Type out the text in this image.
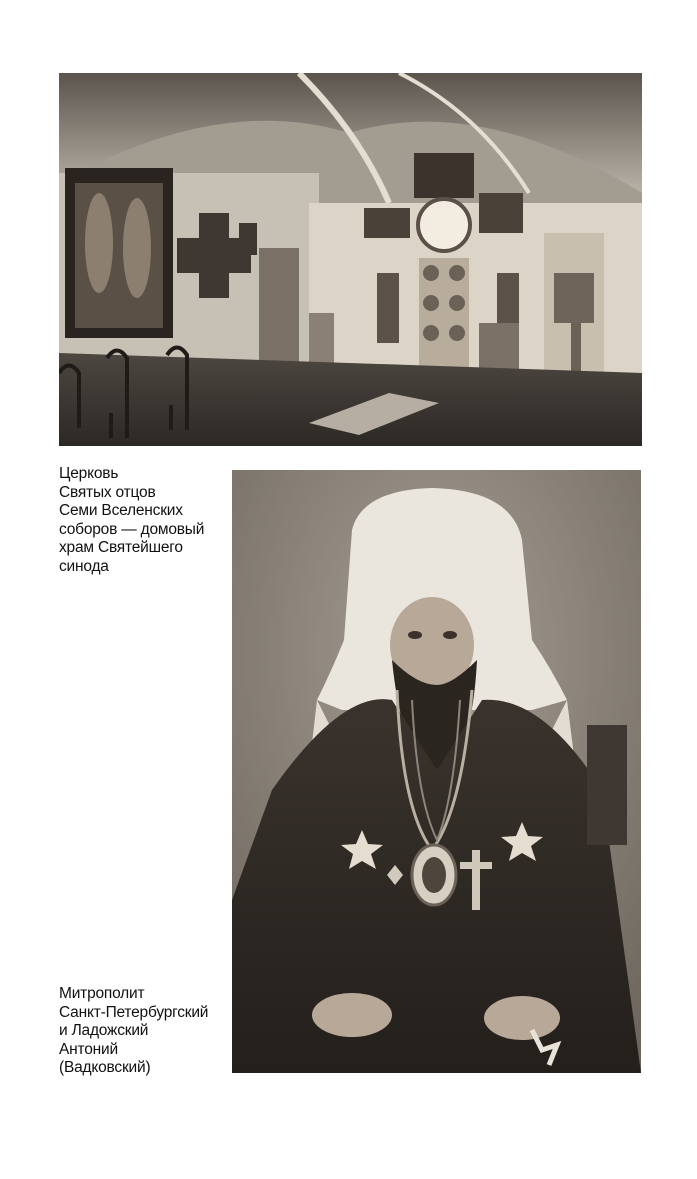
Церковь
Святых отцов
Семи Вселенских
соборов — домовый
храм Святейшего
синода
Митрополит
Санкт-Петербургский
и Ладожский
Антоний
(Вадковский)
